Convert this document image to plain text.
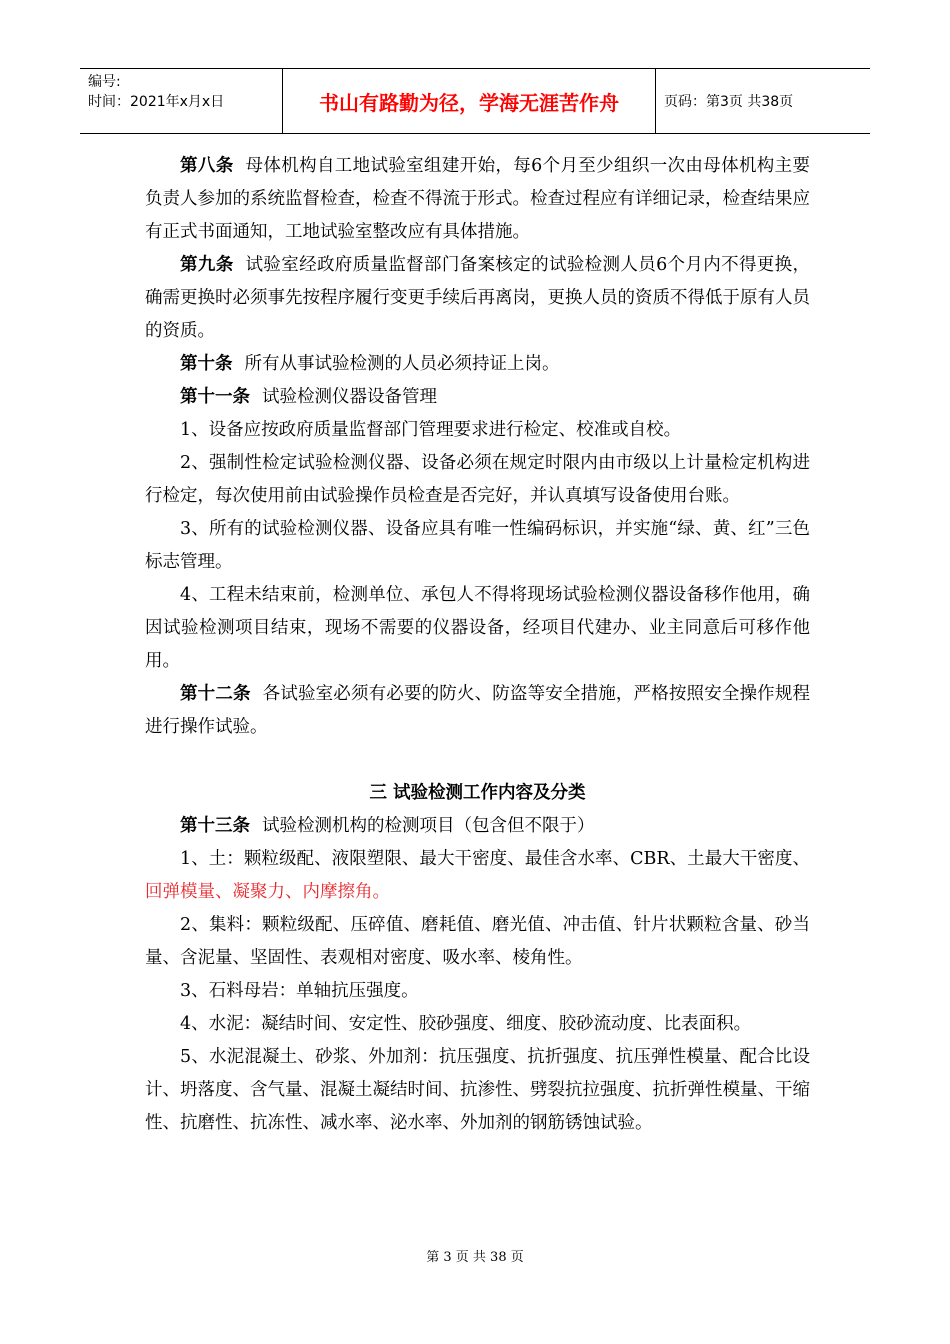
编号:
时间：2021年x月x日	书山有路勤为径，学海无涯苦作舟	页码：第3页 共38页

第八条 母体机构自工地试验室组建开始，每6个月至少组织一次由母体机构主要负责人参加的系统监督检查，检查不得流于形式。检查过程应有详细记录，检查结果应有正式书面通知，工地试验室整改应有具体措施。

第九条 试验室经政府质量监督部门备案核定的试验检测人员6个月内不得更换，确需更换时必须事先按程序履行变更手续后再离岗，更换人员的资质不得低于原有人员的资质。

第十条 所有从事试验检测的人员必须持证上岗。

第十一条 试验检测仪器设备管理

1、设备应按政府质量监督部门管理要求进行检定、校准或自校。

2、强制性检定试验检测仪器、设备必须在规定时限内由市级以上计量检定机构进行检定，每次使用前由试验操作员检查是否完好，并认真填写设备使用台账。

3、所有的试验检测仪器、设备应具有唯一性编码标识，并实施“绿、黄、红”三色标志管理。

4、工程未结束前，检测单位、承包人不得将现场试验检测仪器设备移作他用，确因试验检测项目结束，现场不需要的仪器设备，经项目代建办、业主同意后可移作他用。

第十二条 各试验室必须有必要的防火、防盗等安全措施，严格按照安全操作规程进行操作试验。

三 试验检测工作内容及分类

第十三条 试验检测机构的检测项目（包含但不限于）

1、土：颗粒级配、液限塑限、最大干密度、最佳含水率、CBR、土最大干密度、回弹模量、凝聚力、内摩擦角。

2、集料：颗粒级配、压碎值、磨耗值、磨光值、冲击值、针片状颗粒含量、砂当量、含泥量、坚固性、表观相对密度、吸水率、棱角性。

3、石料母岩：单轴抗压强度。

4、水泥：凝结时间、安定性、胶砂强度、细度、胶砂流动度、比表面积。

5、水泥混凝土、砂浆、外加剂：抗压强度、抗折强度、抗压弹性模量、配合比设计、坍落度、含气量、混凝土凝结时间、抗渗性、劈裂抗拉强度、抗折弹性模量、干缩性、抗磨性、抗冻性、减水率、泌水率、外加剂的钢筋锈蚀试验。

第 3 页 共 38 页
